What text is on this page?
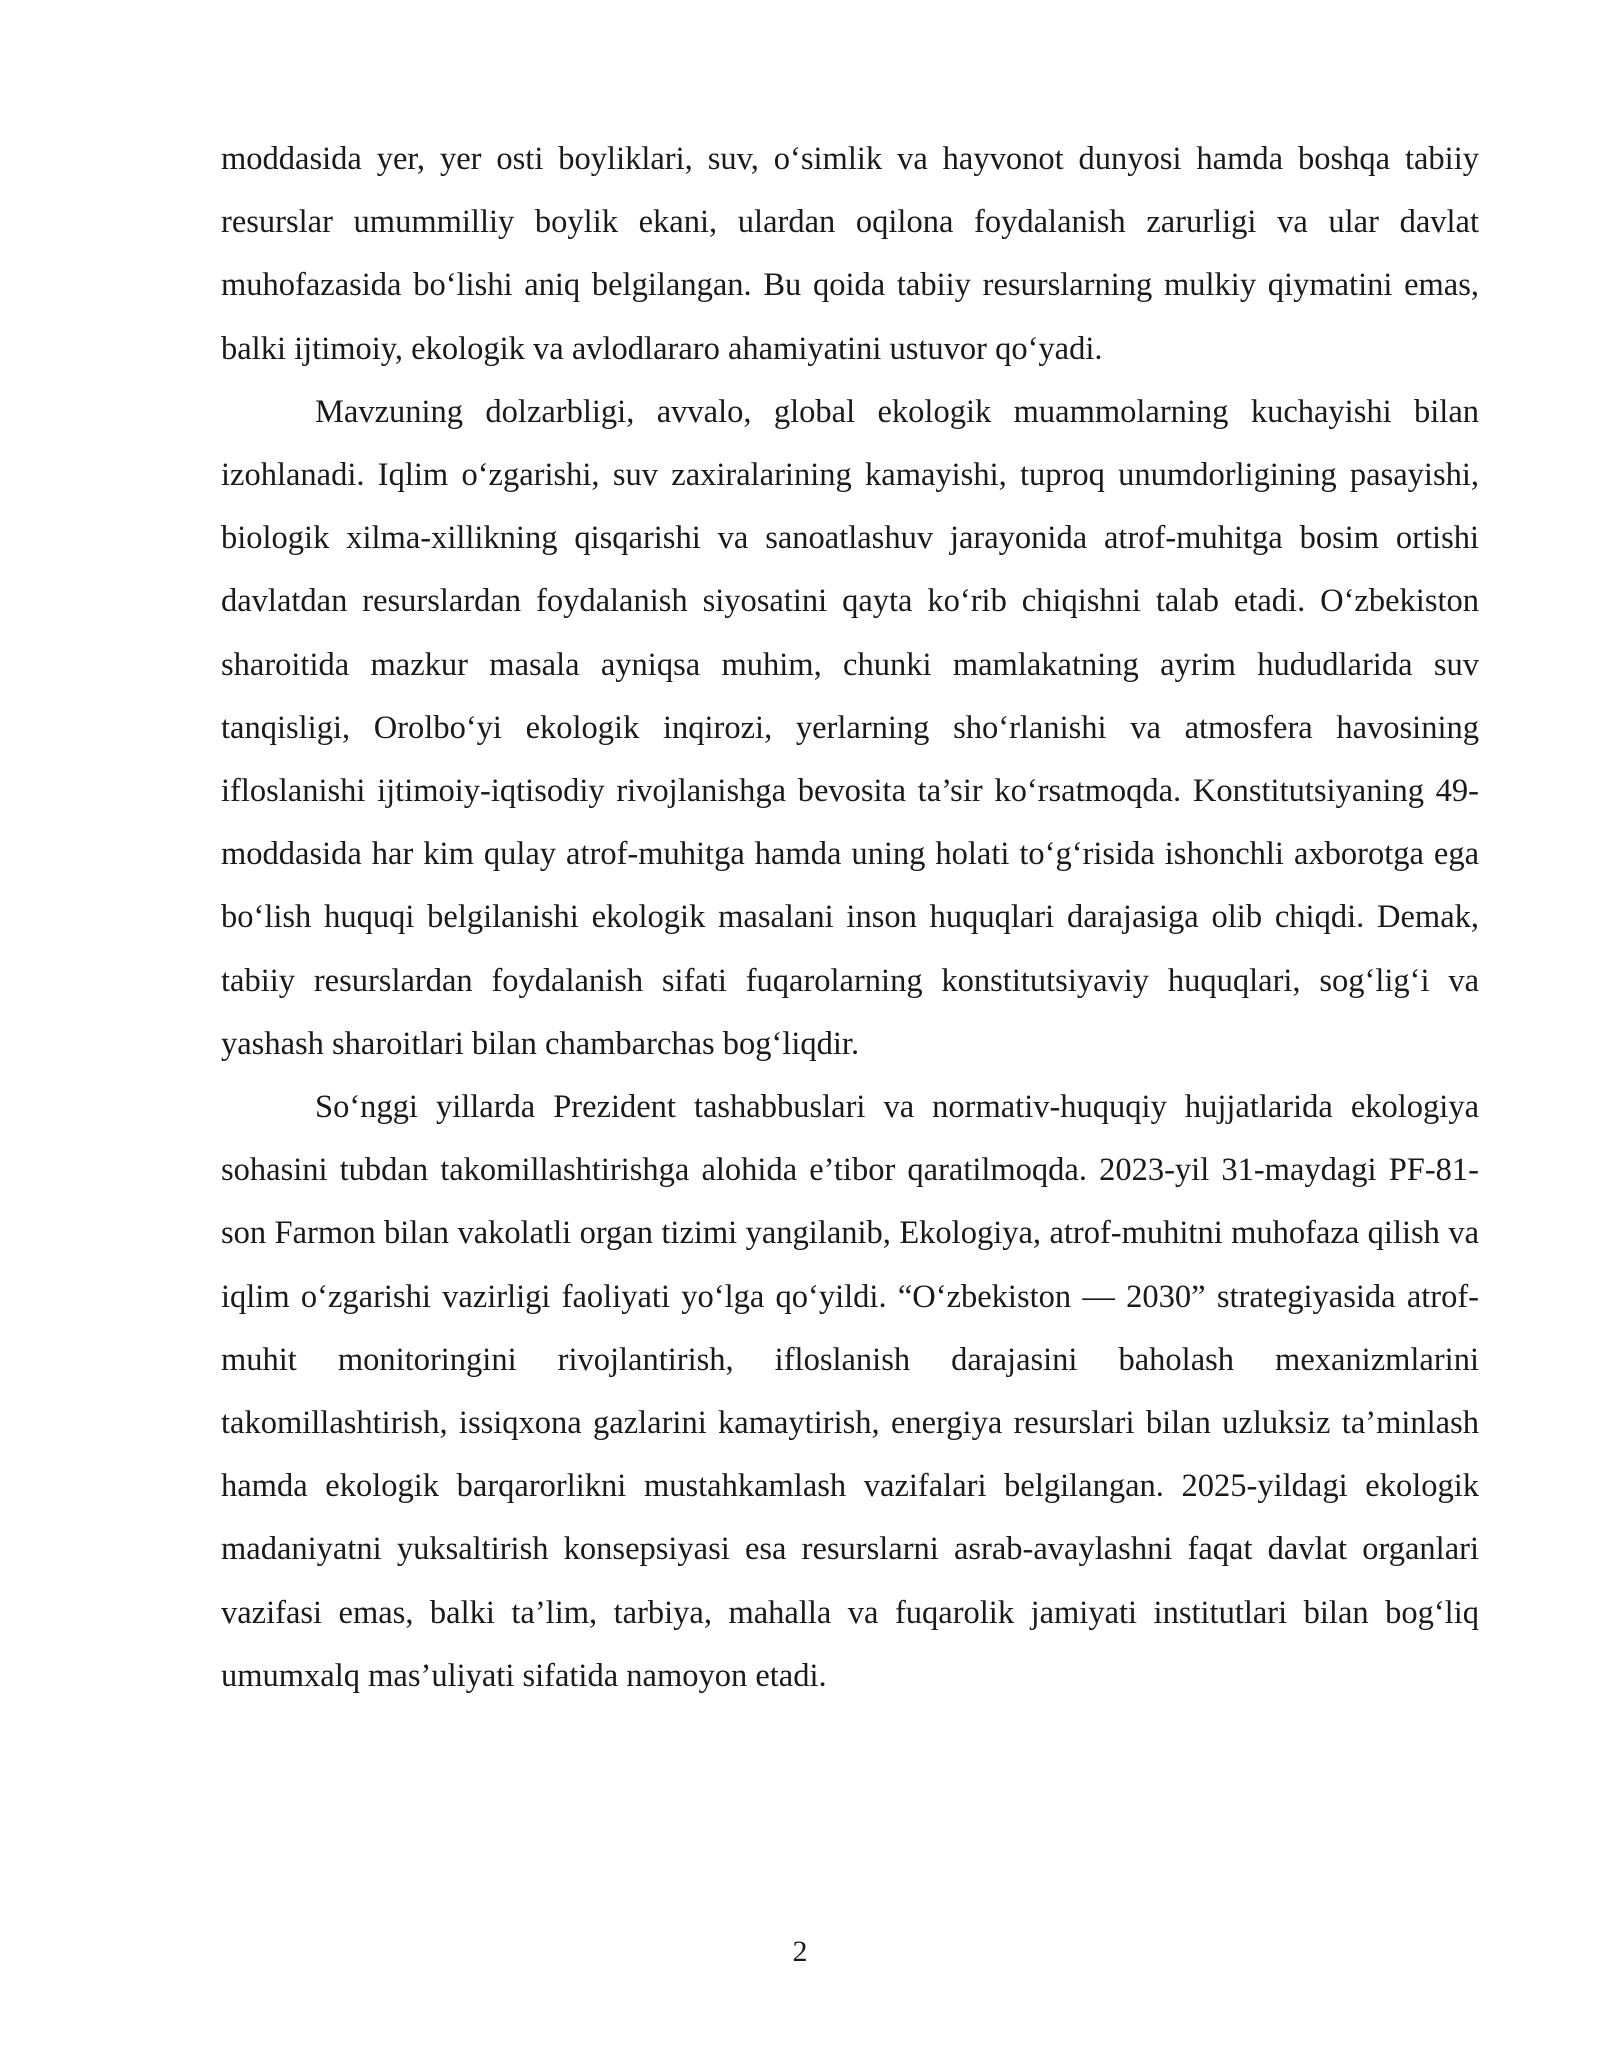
moddasida yer, yer osti boyliklari, suv, o‘simlik va hayvonot dunyosi hamda boshqa tabiiy resurslar umummilliy boylik ekani, ulardan oqilona foydalanish zarurligi va ular davlat muhofazasida bo‘lishi aniq belgilangan. Bu qoida tabiiy resurslarning mulkiy qiymatini emas, balki ijtimoiy, ekologik va avlodlararo ahamiyatini ustuvor qo‘yadi.

Mavzuning dolzarbligi, avvalo, global ekologik muammolarning kuchayishi bilan izohlanadi. Iqlim o‘zgarishi, suv zaxiralarining kamayishi, tuproq unumdorligining pasayishi, biologik xilma-xillikning qisqarishi va sanoatlashuv jarayonida atrof-muhitga bosim ortishi davlatdan resurslardan foydalanish siyosatini qayta ko‘rib chiqishni talab etadi. O‘zbekiston sharoitida mazkur masala ayniqsa muhim, chunki mamlakatning ayrim hududlarida suv tanqisligi, Orolbo‘yi ekologik inqirozi, yerlarning sho‘rlanishi va atmosfera havosining ifloslanishi ijtimoiy-iqtisodiy rivojlanishga bevosita ta’sir ko‘rsatmoqda. Konstitutsiyaning 49-moddasida har kim qulay atrof-muhitga hamda uning holati to‘g‘risida ishonchli axborotga ega bo‘lish huquqi belgilanishi ekologik masalani inson huquqlari darajasiga olib chiqdi. Demak, tabiiy resurslardan foydalanish sifati fuqarolarning konstitutsiyaviy huquqlari, sog‘lig‘i va yashash sharoitlari bilan chambarchas bog‘liqdir.

So‘nggi yillarda Prezident tashabbuslari va normativ-huquqiy hujjatlarida ekologiya sohasini tubdan takomillashtirishga alohida e’tibor qaratilmoqda. 2023-yil 31-maydagi PF-81-son Farmon bilan vakolatli organ tizimi yangilanib, Ekologiya, atrof-muhitni muhofaza qilish va iqlim o‘zgarishi vazirligi faoliyati yo‘lga qo‘yildi. “O‘zbekiston — 2030” strategiyasida atrof-muhit monitoringini rivojlantirish, ifloslanish darajasini baholash mexanizmlarini takomillashtirish, issiqxona gazlarini kamaytirish, energiya resurslari bilan uzluksiz ta’minlash hamda ekologik barqarorlikni mustahkamlash vazifalari belgilangan. 2025-yildagi ekologik madaniyatni yuksaltirish konsepsiyasi esa resurslarni asrab-avaylashni faqat davlat organlari vazifasi emas, balki ta’lim, tarbiya, mahalla va fuqarolik jamiyati institutlari bilan bog‘liq umumxalq mas’uliyati sifatida namoyon etadi.

2
